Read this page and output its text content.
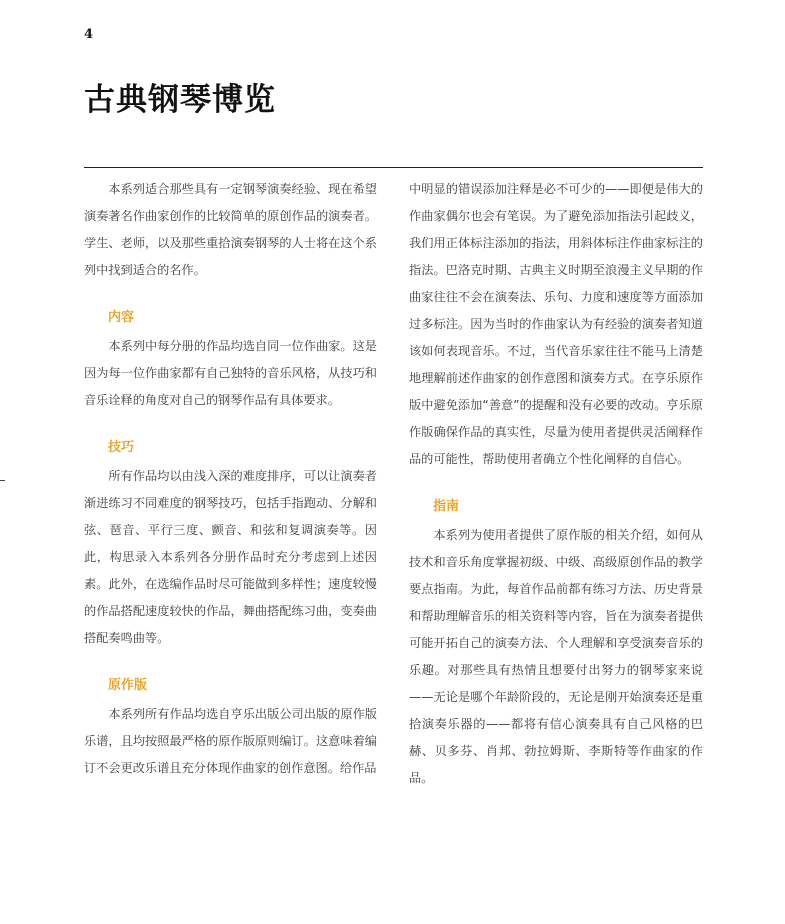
4
古典钢琴博览

本系列适合那些具有一定钢琴演奏经验、现在希望演奏著名作曲家创作的比较简单的原创作品的演奏者。学生、老师，以及那些重拾演奏钢琴的人士将在这个系列中找到适合的名作。

内容

本系列中每分册的作品均选自同一位作曲家。这是因为每一位作曲家都有自己独特的音乐风格，从技巧和音乐诠释的角度对自己的钢琴作品有具体要求。

技巧

所有作品均以由浅入深的难度排序，可以让演奏者渐进练习不同难度的钢琴技巧，包括手指跑动、分解和弦、琶音、平行三度、颤音、和弦和复调演奏等。因此，构思录入本系列各分册作品时充分考虑到上述因素。此外，在选编作品时尽可能做到多样性；速度较慢的作品搭配速度较快的作品，舞曲搭配练习曲，变奏曲搭配奏鸣曲等。

原作版

本系列所有作品均选自亨乐出版公司出版的原作版乐谱，且均按照最严格的原作版原则编订。这意味着编订不会更改乐谱且充分体现作曲家的创作意图。给作品

中明显的错误添加注释是必不可少的——即便是伟大的作曲家偶尔也会有笔误。为了避免添加指法引起歧义，我们用正体标注添加的指法，用斜体标注作曲家标注的指法。巴洛克时期、古典主义时期至浪漫主义早期的作曲家往往不会在演奏法、乐句、力度和速度等方面添加过多标注。因为当时的作曲家认为有经验的演奏者知道该如何表现音乐。不过，当代音乐家往往不能马上清楚地理解前述作曲家的创作意图和演奏方式。在亨乐原作版中避免添加“善意”的提醒和没有必要的改动。亨乐原作版确保作品的真实性，尽量为使用者提供灵活阐释作品的可能性，帮助使用者确立个性化阐释的自信心。

指南

本系列为使用者提供了原作版的相关介绍，如何从技术和音乐角度掌握初级、中级、高级原创作品的教学要点指南。为此，每首作品前都有练习方法、历史背景和帮助理解音乐的相关资料等内容，旨在为演奏者提供可能开拓自己的演奏方法、个人理解和享受演奏音乐的乐趣。对那些具有热情且想要付出努力的钢琴家来说——无论是哪个年龄阶段的，无论是刚开始演奏还是重拾演奏乐器的——都将有信心演奏具有自己风格的巴赫、贝多芬、肖邦、勃拉姆斯、李斯特等作曲家的作品。
